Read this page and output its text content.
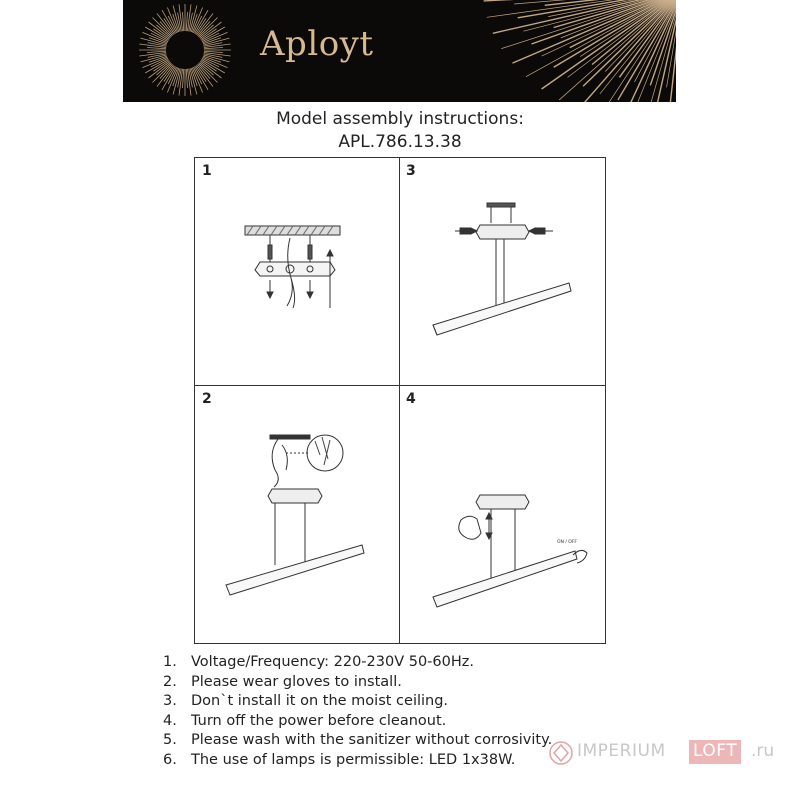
Aployt
Model assembly instructions:
APL.786.13.38
1	3
2	4
ON / OFF
1. Voltage/Frequency: 220-230V 50-60Hz.
2. Please wear gloves to install.
3. Don`t install it on the moist ceiling.
4. Turn off the power before cleanout.
5. Please wash with the sanitizer without corrosivity.
6. The use of lamps is permissible: LED 1x38W.	IMPERIUM LOFT .ru
